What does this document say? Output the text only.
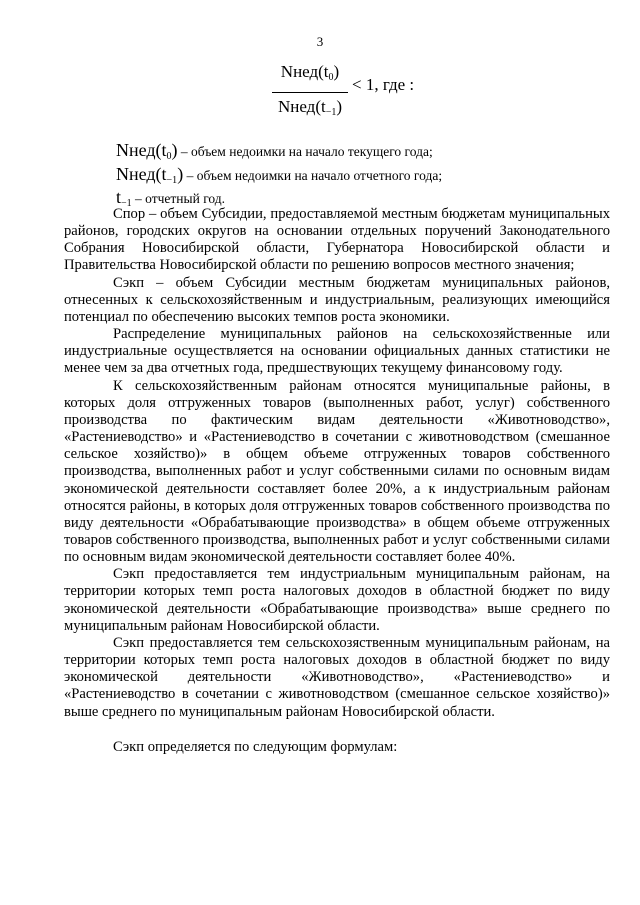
3
$Nнед(t_0)$
$Nнед(t_{-1})$
< 1, где :
$Nнед(t_0)$ – объем недоимки на начало текущего года;
$Nнед(t_{-1})$ – объем недоимки на начало отчетного года;
$t_{-1}$ – отчетный год.

Спор – объем Субсидии, предоставляемой местным бюджетам муниципальных районов, городских округов на основании отдельных поручений Законодательного Собрания Новосибирской области, Губернатора Новосибирской области и Правительства Новосибирской области по решению вопросов местного значения;

Сэкп – объем Субсидии местным бюджетам муниципальных районов, отнесенных к сельскохозяйственным и индустриальным, реализующих имеющийся потенциал по обеспечению высоких темпов роста экономики.

Распределение муниципальных районов на сельскохозяйственные или индустриальные осуществляется на основании официальных данных статистики не менее чем за два отчетных года, предшествующих текущему финансовому году.

К сельскохозяйственным районам относятся муниципальные районы, в которых доля отгруженных товаров (выполненных работ, услуг) собственного производства по фактическим видам деятельности «Животноводство», «Растениеводство» и «Растениеводство в сочетании с животноводством (смешанное сельское хозяйство)» в общем объеме отгруженных товаров собственного производства, выполненных работ и услуг собственными силами по основным видам экономической деятельности составляет более 20%, а к индустриальным районам относятся районы, в которых доля отгруженных товаров собственного производства по виду деятельности «Обрабатывающие производства» в общем объеме отгруженных товаров собственного производства, выполненных работ и услуг собственными силами по основным видам экономической деятельности составляет более 40%.

Сэкп предоставляется тем индустриальным муниципальным районам, на территории которых темп роста налоговых доходов в областной бюджет по виду экономической деятельности «Обрабатывающие производства» выше среднего по муниципальным районам Новосибирской области.

Сэкп предоставляется тем сельскохозяственным муниципальным районам, на территории которых темп роста налоговых доходов в областной бюджет по виду экономической деятельности «Животноводство», «Растениеводство» и «Растениеводство в сочетании с животноводством (смешанное сельское хозяйство)» выше среднего по муниципальным районам Новосибирской области.

Сэкп определяется по следующим формулам:
